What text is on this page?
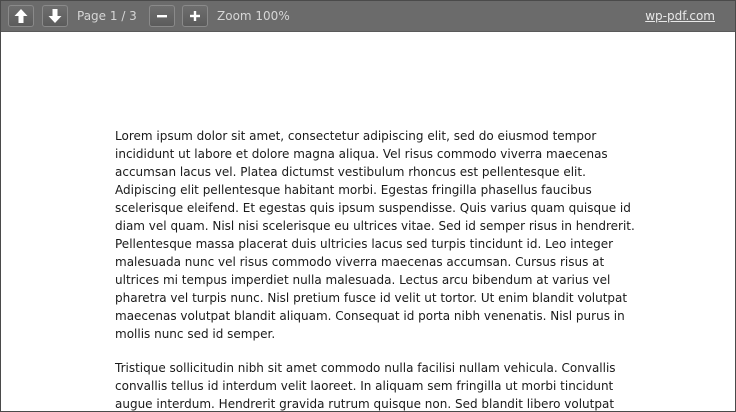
Page 1 / 3	Zoom 100%	wp-pdf.com

Lorem ipsum dolor sit amet, consectetur adipiscing elit, sed do eiusmod tempor incididunt ut labore et dolore magna aliqua. Vel risus commodo viverra maecenas accumsan lacus vel. Platea dictumst vestibulum rhoncus est pellentesque elit. Adipiscing elit pellentesque habitant morbi. Egestas fringilla phasellus faucibus scelerisque eleifend. Et egestas quis ipsum suspendisse. Quis varius quam quisque id diam vel quam. Nisl nisi scelerisque eu ultrices vitae. Sed id semper risus in hendrerit. Pellentesque massa placerat duis ultricies lacus sed turpis tincidunt id. Leo integer malesuada nunc vel risus commodo viverra maecenas accumsan. Cursus risus at ultrices mi tempus imperdiet nulla malesuada. Lectus arcu bibendum at varius vel pharetra vel turpis nunc. Nisl pretium fusce id velit ut tortor. Ut enim blandit volutpat maecenas volutpat blandit aliquam. Consequat id porta nibh venenatis. Nisl purus in mollis nunc sed id semper.

Tristique sollicitudin nibh sit amet commodo nulla facilisi nullam vehicula. Convallis convallis tellus id interdum velit laoreet. In aliquam sem fringilla ut morbi tincidunt augue interdum. Hendrerit gravida rutrum quisque non. Sed blandit libero volutpat
